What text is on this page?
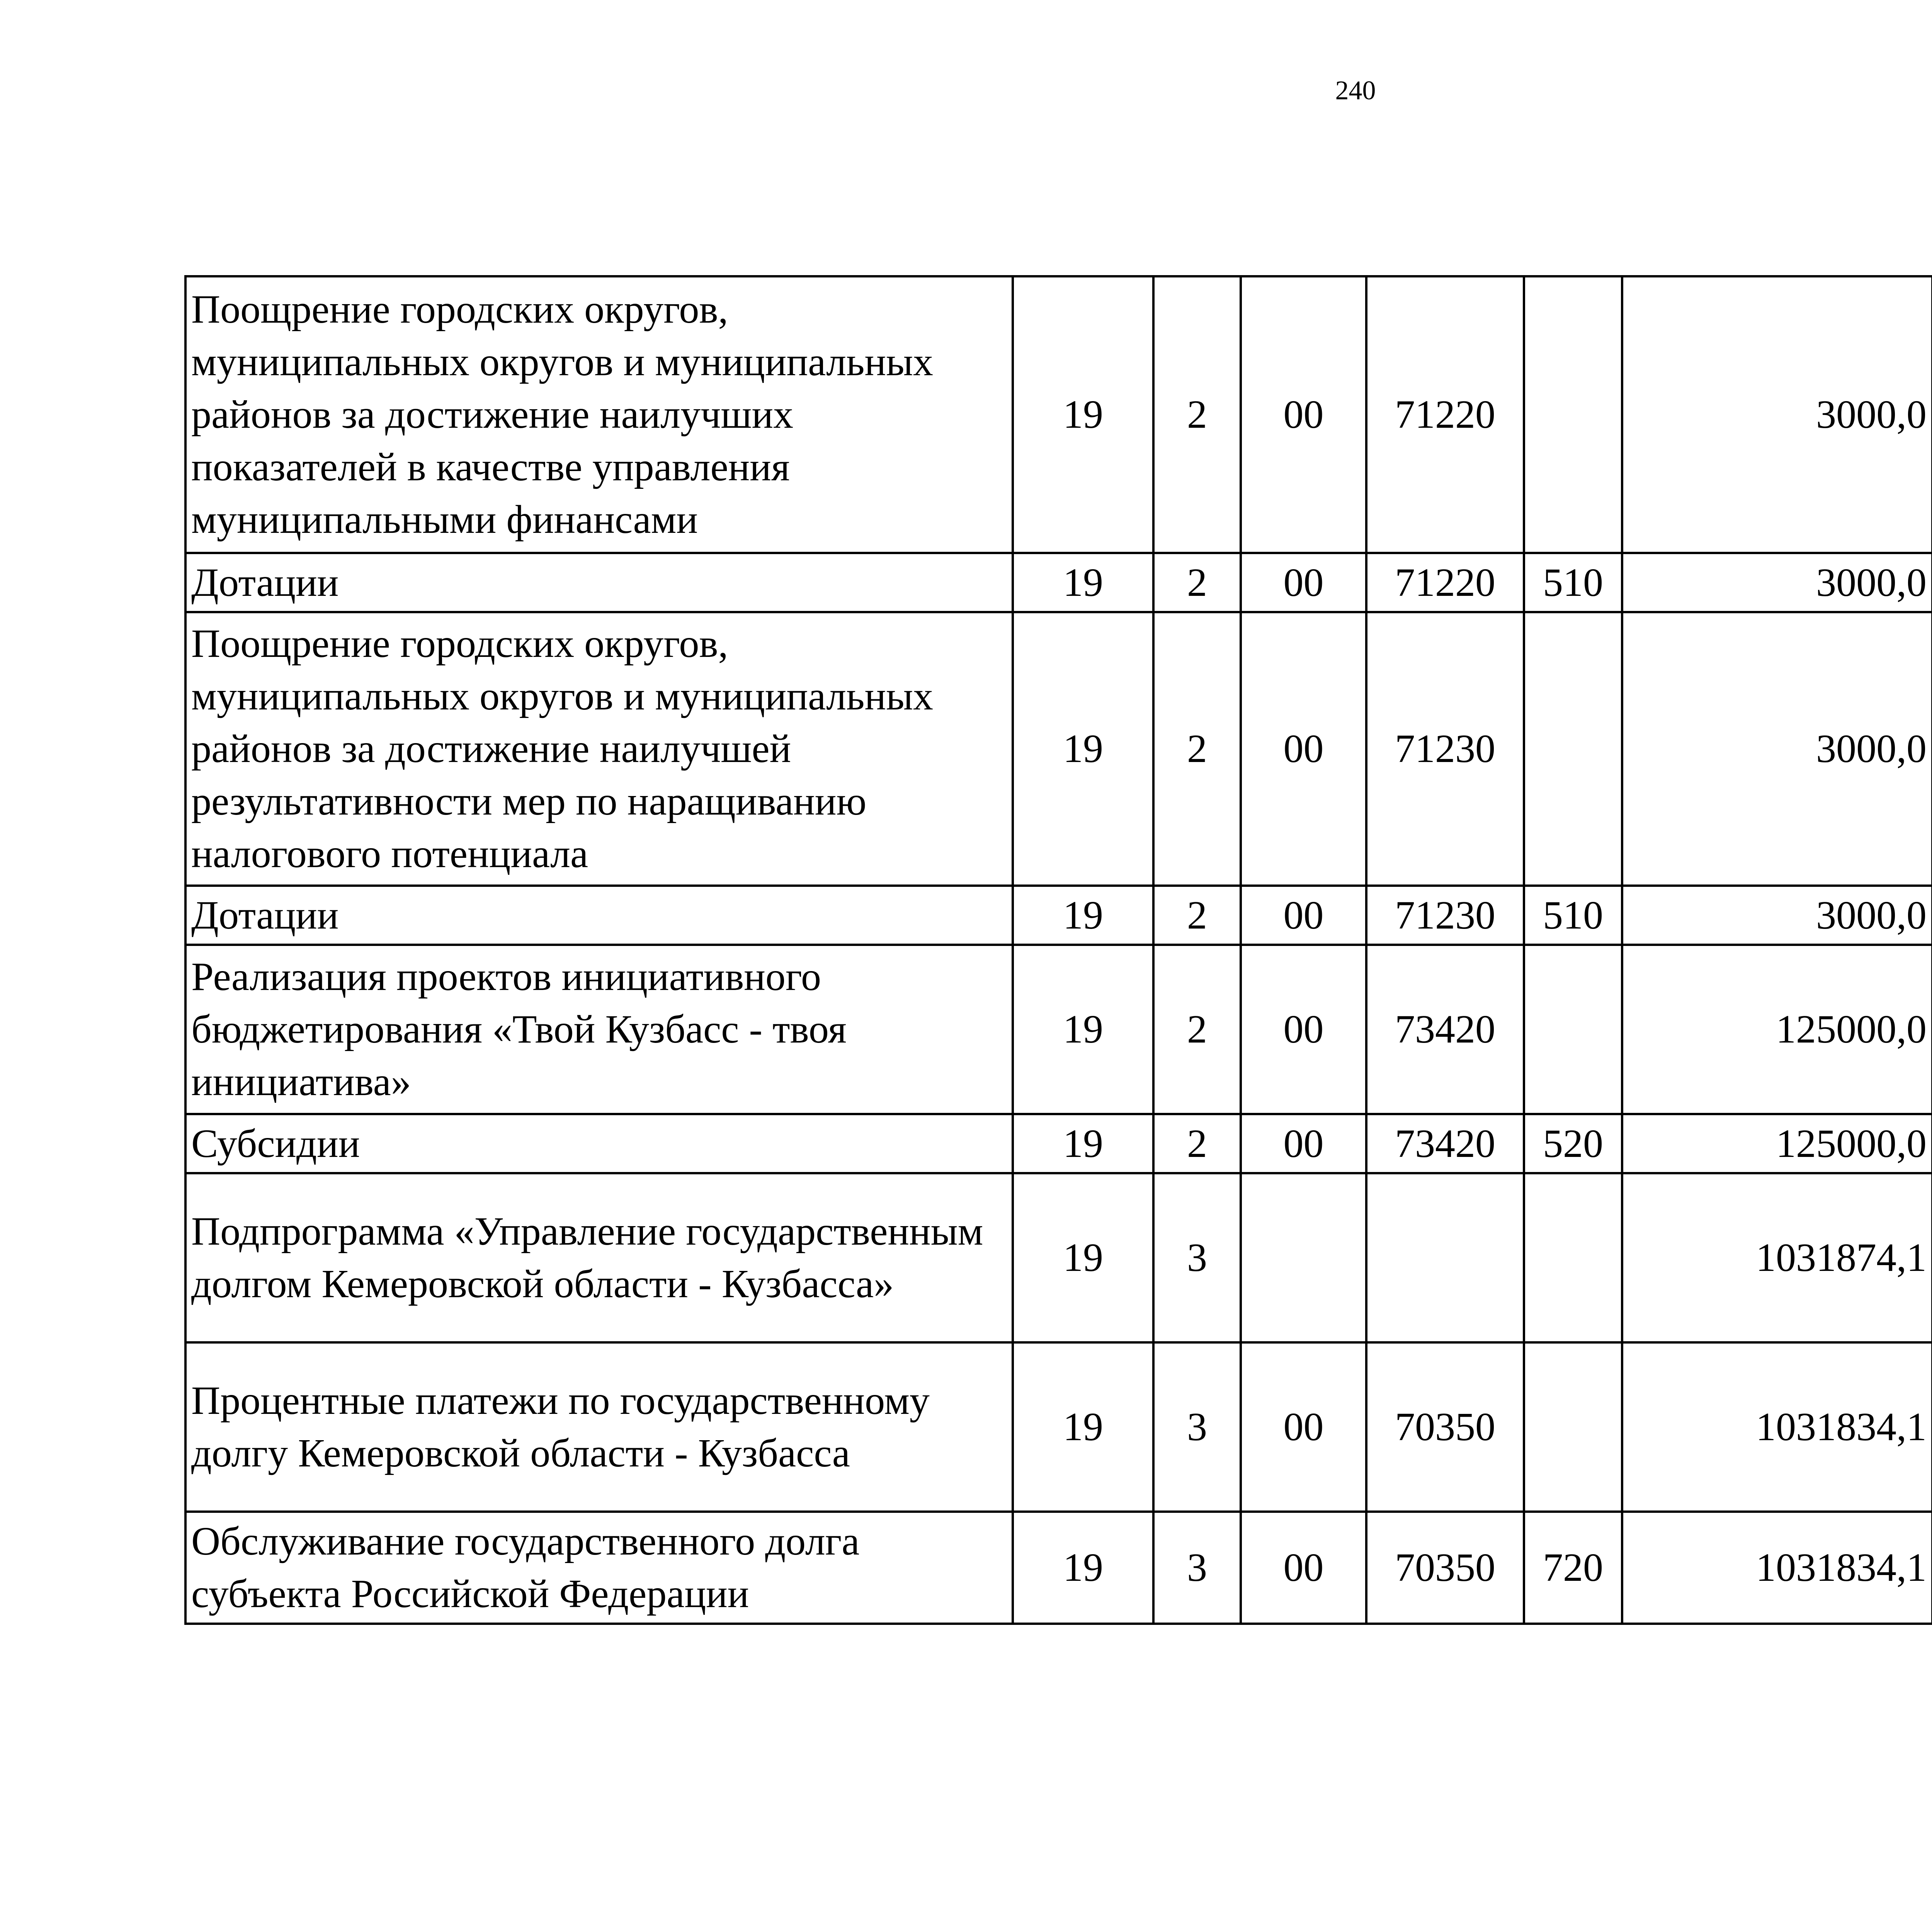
240
Поощрение городских округов, муниципальных округов и муниципальных районов за достижение наилучших показателей в качестве управления муниципальными финансами	19	2	00	71220		3000,0		
Дотации	19	2	00	71220	510	3000,0		
Поощрение городских округов, муниципальных округов и муниципальных районов за достижение наилучшей результативности мер по наращиванию налогового потенциала	19	2	00	71230		3000,0		
Дотации	19	2	00	71230	510	3000,0		
Реализация проектов инициативного бюджетирования «Твой Кузбасс - твоя инициатива»	19	2	00	73420		125000,0		
Субсидии	19	2	00	73420	520	125000,0		
Подпрограмма «Управление государственным долгом Кемеровской области - Кузбасса»	19	3				1031874,1		
Процентные платежи по государственному долгу Кемеровской области - Кузбасса	19	3	00	70350		1031834,1		
Обслуживание государственного долга субъекта Российской Федерации	19	3	00	70350	720	1031834,1		
